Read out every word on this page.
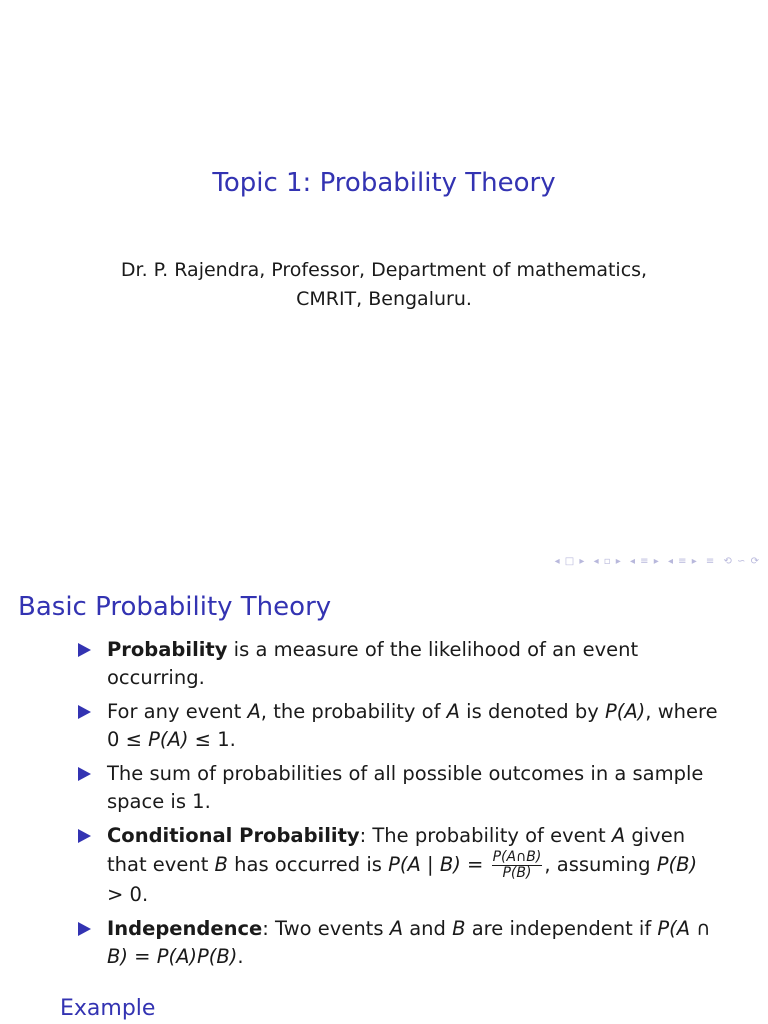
Topic 1: Probability Theory
Dr. P. Rajendra, Professor, Department of mathematics,
CMRIT, Bengaluru.
◂ □ ▸ ◂ ▫ ▸ ◂ ≡ ▸ ◂ ≡ ▸ ≡ ⟲ ∽ ⟳
Basic Probability Theory
Probability is a measure of the likelihood of an event occurring.
For any event A, the probability of A is denoted by P(A), where 0 ≤ P(A) ≤ 1.
The sum of probabilities of all possible outcomes in a sample space is 1.
Conditional Probability: The probability of event A given that event B has occurred is P(A | $B) = \frac{P(A\cap B)}{P(B)}$ , assuming P(B) > 0.
Independence: Two events A and B are independent if P(A ∩ B) = P(A)P(B).
Example
